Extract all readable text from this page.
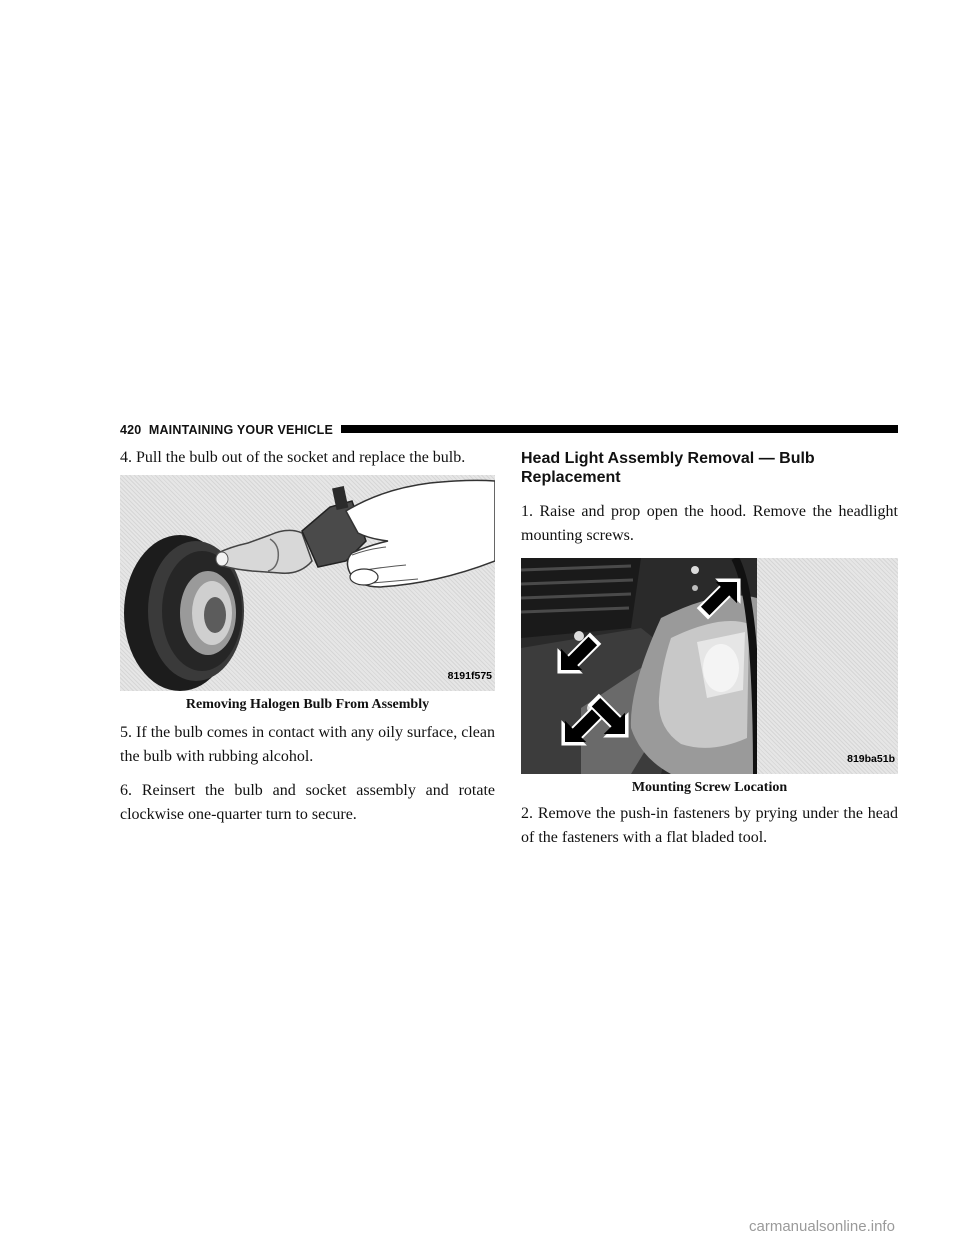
420 MAINTAINING YOUR VEHICLE

4. Pull the bulb out of the socket and replace the bulb.

8191f575
Removing Halogen Bulb From Assembly

5. If the bulb comes in contact with any oily surface, clean the bulb with rubbing alcohol.

6. Reinsert the bulb and socket assembly and rotate clockwise one-quarter turn to secure.

Head Light Assembly Removal — Bulb Replacement

1. Raise and prop open the hood. Remove the headlight mounting screws.

819ba51b
Mounting Screw Location

2. Remove the push-in fasteners by prying under the head of the fasteners with a flat bladed tool.

carmanualsonline.info
